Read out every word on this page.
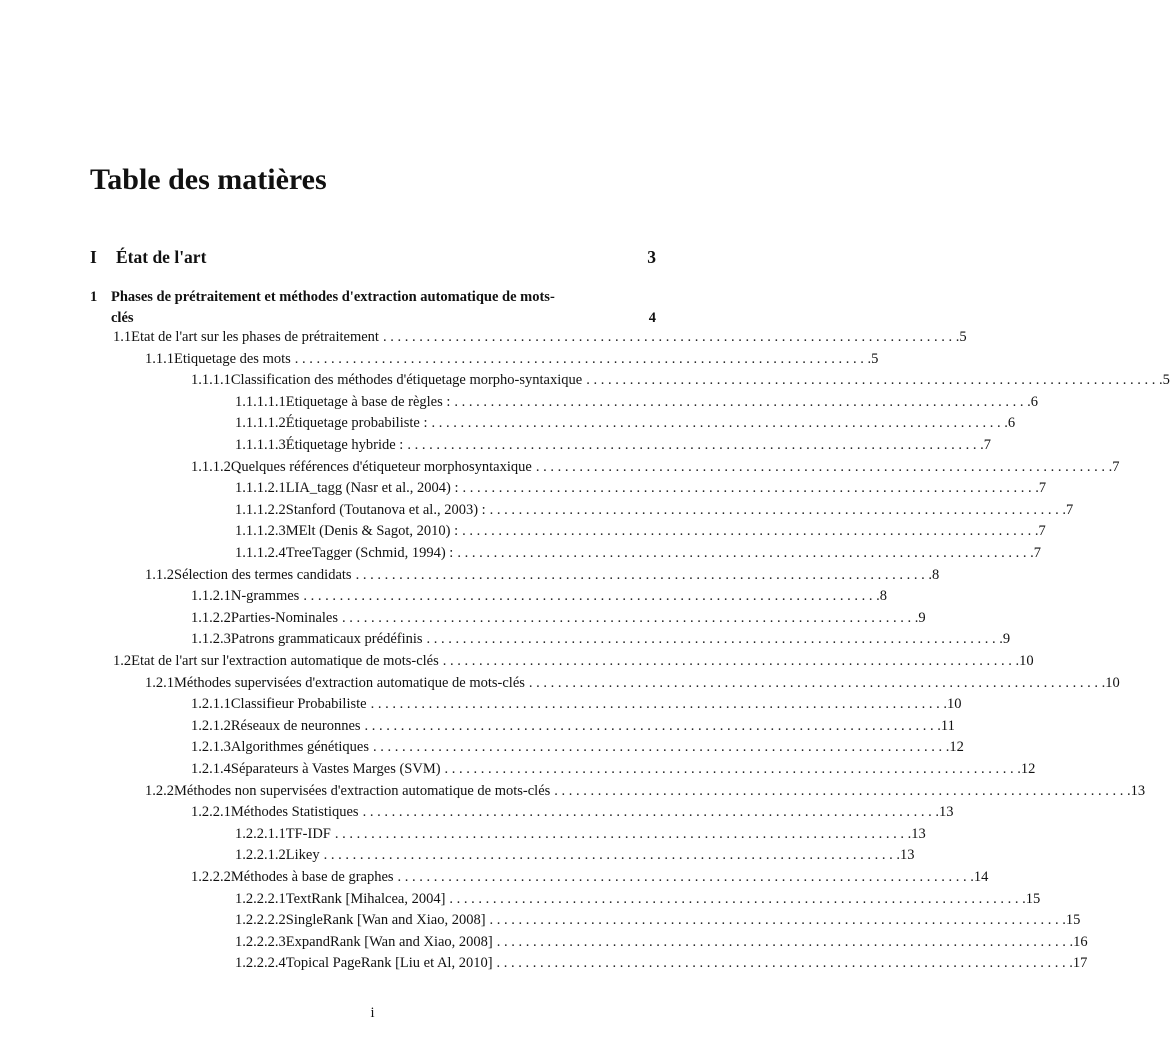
Table des matières
I	État de l'art	3
1 Phases de prétraitement et méthodes d'extraction automatique de mots-
clés	4
1.1 Etat de l'art sur les phases de prétraitement . . . . . . . . . . . . . . . . . . . . . . . . . . . . . . . . . . . . . . . . . . . . . . . . . . . . . . . . . . . . . . . . . . . . . . . . . . . . . . . . 5
1.1.1 Etiquetage des mots . . . . . . . . . . . . . . . . . . . . . . . . . . . . . . . . . . . . . . . . . . . . . . . . . . . . . . . . . . . . . . . . . . . . . . . . . . . . . . . . 5
1.1.1.1 Classification des méthodes d'étiquetage morpho-syntaxique . . . . . . . . . . . . . . . . . . . . . . . . . . . . . . . . . . . . . . . . . . . . . . . . . . . . . . . . . . . . . . . . . . . . . . . . . . . . . . . . 5
1.1.1.1.1 Etiquetage à base de règles : . . . . . . . . . . . . . . . . . . . . . . . . . . . . . . . . . . . . . . . . . . . . . . . . . . . . . . . . . . . . . . . . . . . . . . . . . . . . . . . . 6
1.1.1.1.2 Étiquetage probabiliste : . . . . . . . . . . . . . . . . . . . . . . . . . . . . . . . . . . . . . . . . . . . . . . . . . . . . . . . . . . . . . . . . . . . . . . . . . . . . . . . . 6
1.1.1.1.3 Étiquetage hybride : . . . . . . . . . . . . . . . . . . . . . . . . . . . . . . . . . . . . . . . . . . . . . . . . . . . . . . . . . . . . . . . . . . . . . . . . . . . . . . . . 7
1.1.1.2 Quelques références d'étiqueteur morphosyntaxique . . . . . . . . . . . . . . . . . . . . . . . . . . . . . . . . . . . . . . . . . . . . . . . . . . . . . . . . . . . . . . . . . . . . . . . . . . . . . . . . 7
1.1.1.2.1 LIA_tagg (Nasr et al., 2004) : . . . . . . . . . . . . . . . . . . . . . . . . . . . . . . . . . . . . . . . . . . . . . . . . . . . . . . . . . . . . . . . . . . . . . . . . . . . . . . . . 7
1.1.1.2.2 Stanford (Toutanova et al., 2003) : . . . . . . . . . . . . . . . . . . . . . . . . . . . . . . . . . . . . . . . . . . . . . . . . . . . . . . . . . . . . . . . . . . . . . . . . . . . . . . . . 7
1.1.1.2.3 MElt (Denis & Sagot, 2010) : . . . . . . . . . . . . . . . . . . . . . . . . . . . . . . . . . . . . . . . . . . . . . . . . . . . . . . . . . . . . . . . . . . . . . . . . . . . . . . . . 7
1.1.1.2.4 TreeTagger (Schmid, 1994) : . . . . . . . . . . . . . . . . . . . . . . . . . . . . . . . . . . . . . . . . . . . . . . . . . . . . . . . . . . . . . . . . . . . . . . . . . . . . . . . . 7
1.1.2 Sélection des termes candidats . . . . . . . . . . . . . . . . . . . . . . . . . . . . . . . . . . . . . . . . . . . . . . . . . . . . . . . . . . . . . . . . . . . . . . . . . . . . . . . . 8
1.1.2.1 N-grammes . . . . . . . . . . . . . . . . . . . . . . . . . . . . . . . . . . . . . . . . . . . . . . . . . . . . . . . . . . . . . . . . . . . . . . . . . . . . . . . . 8
1.1.2.2 Parties-Nominales . . . . . . . . . . . . . . . . . . . . . . . . . . . . . . . . . . . . . . . . . . . . . . . . . . . . . . . . . . . . . . . . . . . . . . . . . . . . . . . . 9
1.1.2.3 Patrons grammaticaux prédéfinis . . . . . . . . . . . . . . . . . . . . . . . . . . . . . . . . . . . . . . . . . . . . . . . . . . . . . . . . . . . . . . . . . . . . . . . . . . . . . . . . 9
1.2 Etat de l'art sur l'extraction automatique de mots-clés . . . . . . . . . . . . . . . . . . . . . . . . . . . . . . . . . . . . . . . . . . . . . . . . . . . . . . . . . . . . . . . . . . . . . . . . . . . . . . . . 10
1.2.1 Méthodes supervisées d'extraction automatique de mots-clés . . . . . . . . . . . . . . . . . . . . . . . . . . . . . . . . . . . . . . . . . . . . . . . . . . . . . . . . . . . . . . . . . . . . . . . . . . . . . . . . 10
1.2.1.1 Classifieur Probabiliste . . . . . . . . . . . . . . . . . . . . . . . . . . . . . . . . . . . . . . . . . . . . . . . . . . . . . . . . . . . . . . . . . . . . . . . . . . . . . . . . 10
1.2.1.2 Réseaux de neuronnes . . . . . . . . . . . . . . . . . . . . . . . . . . . . . . . . . . . . . . . . . . . . . . . . . . . . . . . . . . . . . . . . . . . . . . . . . . . . . . . . 11
1.2.1.3 Algorithmes génétiques . . . . . . . . . . . . . . . . . . . . . . . . . . . . . . . . . . . . . . . . . . . . . . . . . . . . . . . . . . . . . . . . . . . . . . . . . . . . . . . . 12
1.2.1.4 Séparateurs à Vastes Marges (SVM) . . . . . . . . . . . . . . . . . . . . . . . . . . . . . . . . . . . . . . . . . . . . . . . . . . . . . . . . . . . . . . . . . . . . . . . . . . . . . . . . 12
1.2.2 Méthodes non supervisées d'extraction automatique de mots-clés . . . . . . . . . . . . . . . . . . . . . . . . . . . . . . . . . . . . . . . . . . . . . . . . . . . . . . . . . . . . . . . . . . . . . . . . . . . . . . . . 13
1.2.2.1 Méthodes Statistiques . . . . . . . . . . . . . . . . . . . . . . . . . . . . . . . . . . . . . . . . . . . . . . . . . . . . . . . . . . . . . . . . . . . . . . . . . . . . . . . . 13
1.2.2.1.1 TF-IDF . . . . . . . . . . . . . . . . . . . . . . . . . . . . . . . . . . . . . . . . . . . . . . . . . . . . . . . . . . . . . . . . . . . . . . . . . . . . . . . . 13
1.2.2.1.2 Likey . . . . . . . . . . . . . . . . . . . . . . . . . . . . . . . . . . . . . . . . . . . . . . . . . . . . . . . . . . . . . . . . . . . . . . . . . . . . . . . . 13
1.2.2.2 Méthodes à base de graphes . . . . . . . . . . . . . . . . . . . . . . . . . . . . . . . . . . . . . . . . . . . . . . . . . . . . . . . . . . . . . . . . . . . . . . . . . . . . . . . . 14
1.2.2.2.1 TextRank [Mihalcea, 2004] . . . . . . . . . . . . . . . . . . . . . . . . . . . . . . . . . . . . . . . . . . . . . . . . . . . . . . . . . . . . . . . . . . . . . . . . . . . . . . . . 15
1.2.2.2.2 SingleRank [Wan and Xiao, 2008] . . . . . . . . . . . . . . . . . . . . . . . . . . . . . . . . . . . . . . . . . . . . . . . . . . . . . . . . . . . . . . . . . . . . . . . . . . . . . . . . 15
1.2.2.2.3 ExpandRank [Wan and Xiao, 2008] . . . . . . . . . . . . . . . . . . . . . . . . . . . . . . . . . . . . . . . . . . . . . . . . . . . . . . . . . . . . . . . . . . . . . . . . . . . . . . . . 16
1.2.2.2.4 Topical PageRank [Liu et Al, 2010] . . . . . . . . . . . . . . . . . . . . . . . . . . . . . . . . . . . . . . . . . . . . . . . . . . . . . . . . . . . . . . . . . . . . . . . . . . . . . . . . 17
i
